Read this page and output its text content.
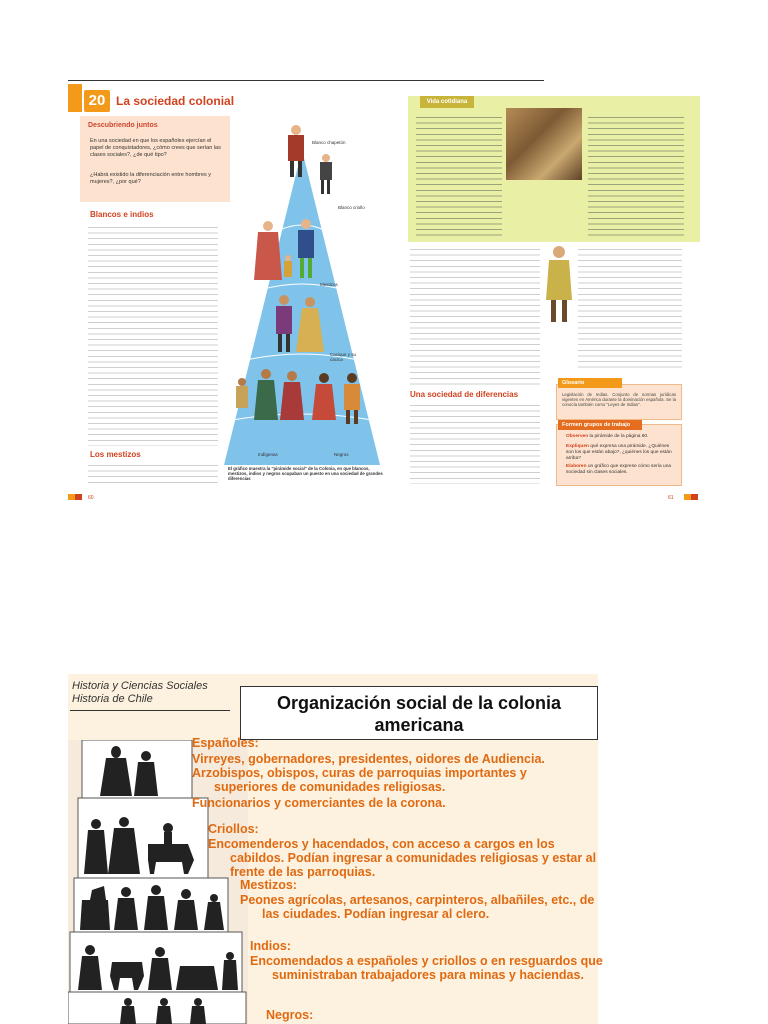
20 La sociedad colonial
Descubriendo juntos
En una sociedad en que los españoles ejercían el papel de conquistadores, ¿cómo crees que serían las clases sociales?, ¿de qué tipo?
¿Habrá existido la diferenciación entre hombres y mujeres?, ¿por qué?
Blancos e indios
Los mestizos
Blanco chapetón
Blanco criollo
Mestizos
Cacique y su cacica
Indígenas	Negros
El gráfico muestra la "pirámide social" de la Colonia, en que blancos, mestizos, indios y negros ocupaban un puesto en una sociedad de grandes diferencias
60	61
Vida cotidiana
Una sociedad de diferencias
Glosario
Legislación de Indias. Conjunto de normas jurídicas vigentes en América durante la dominación española. Se la conocía también como "Leyes de Indias".
Formen grupos de trabajo
Observen la pirámide de la página 60.
Expliquen qué expresa una pirámide. ¿Quiénes son los que están abajo?, ¿quiénes los que están arriba?
Elaboren un gráfico que exprese cómo sería una sociedad sin clases sociales.
Historia y Ciencias Sociales
Historia de Chile	Organización social de la colonia
americana
Españoles:
Virreyes, gobernadores, presidentes, oidores de Audiencia.
Arzobispos, obispos, curas de parroquias importantes y superiores de comunidades religiosas.
Funcionarios y comerciantes de la corona.
Criollos:
Encomenderos y hacendados, con acceso a cargos en los cabildos. Podían ingresar a comunidades religiosas y estar al frente de las parroquias.
Mestizos:
Peones agrícolas, artesanos, carpinteros, albañiles, etc., de las ciudades. Podían ingresar al clero.
Indios:
Encomendados a españoles y criollos o en resguardos que suministraban trabajadores para minas y haciendas.
Negros:
